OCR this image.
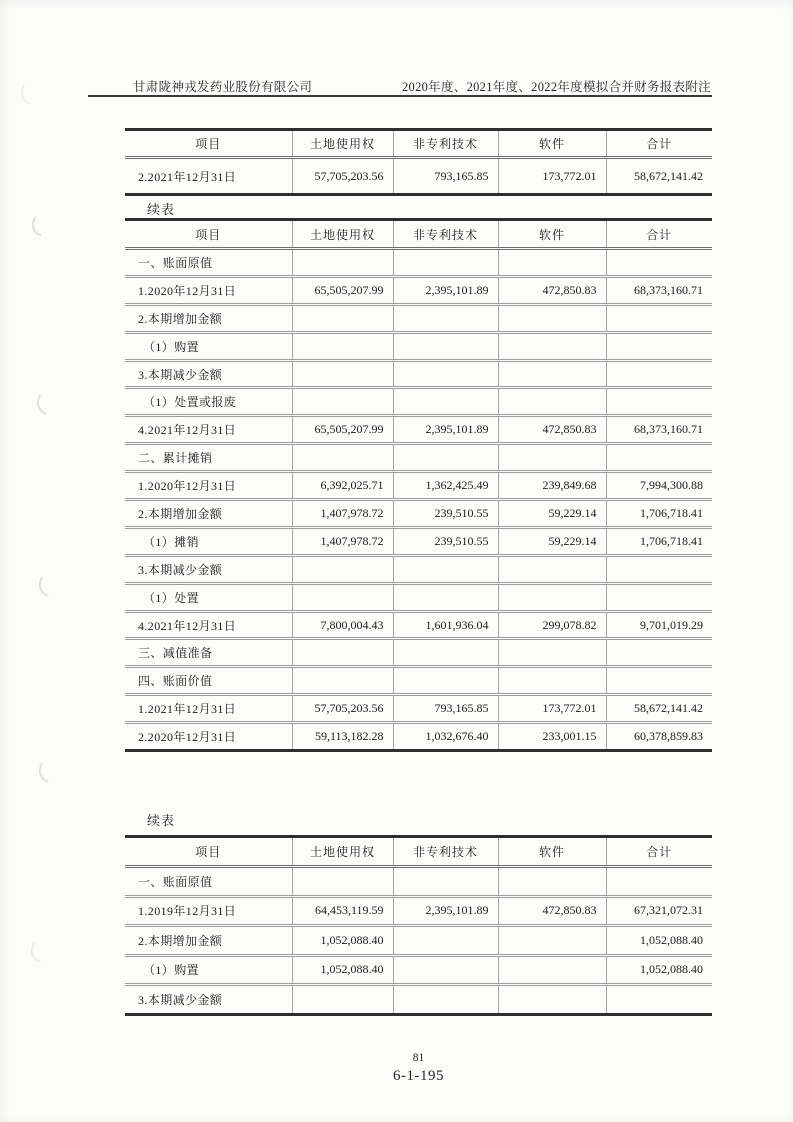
甘肃陇神戎发药业股份有限公司	2020年度、2021年度、2022年度模拟合并财务报表附注
项目	土地使用权	非专利技术	软件	合计
2.2021年12月31日	57,705,203.56	793,165.85	173,772.01	58,672,141.42
续表
项目	土地使用权	非专利技术	软件	合计
一、账面原值				
1.2020年12月31日	65,505,207.99	2,395,101.89	472,850.83	68,373,160.71
2.本期增加金额				
（1）购置				
3.本期减少金额				
（1）处置或报废				
4.2021年12月31日	65,505,207.99	2,395,101.89	472,850.83	68,373,160.71
二、累计摊销				
1.2020年12月31日	6,392,025.71	1,362,425.49	239,849.68	7,994,300.88
2.本期增加金额	1,407,978.72	239,510.55	59,229.14	1,706,718.41
（1）摊销	1,407,978.72	239,510.55	59,229.14	1,706,718.41
3.本期减少金额				
（1）处置				
4.2021年12月31日	7,800,004.43	1,601,936.04	299,078.82	9,701,019.29
三、减值准备				
四、账面价值				
1.2021年12月31日	57,705,203.56	793,165.85	173,772.01	58,672,141.42
2.2020年12月31日	59,113,182.28	1,032,676.40	233,001.15	60,378,859.83
续表
项目	土地使用权	非专利技术	软件	合计
一、账面原值				
1.2019年12月31日	64,453,119.59	2,395,101.89	472,850.83	67,321,072.31
2.本期增加金额	1,052,088.40			1,052,088.40
（1）购置	1,052,088.40			1,052,088.40
3.本期减少金额				
81
6-1-195
